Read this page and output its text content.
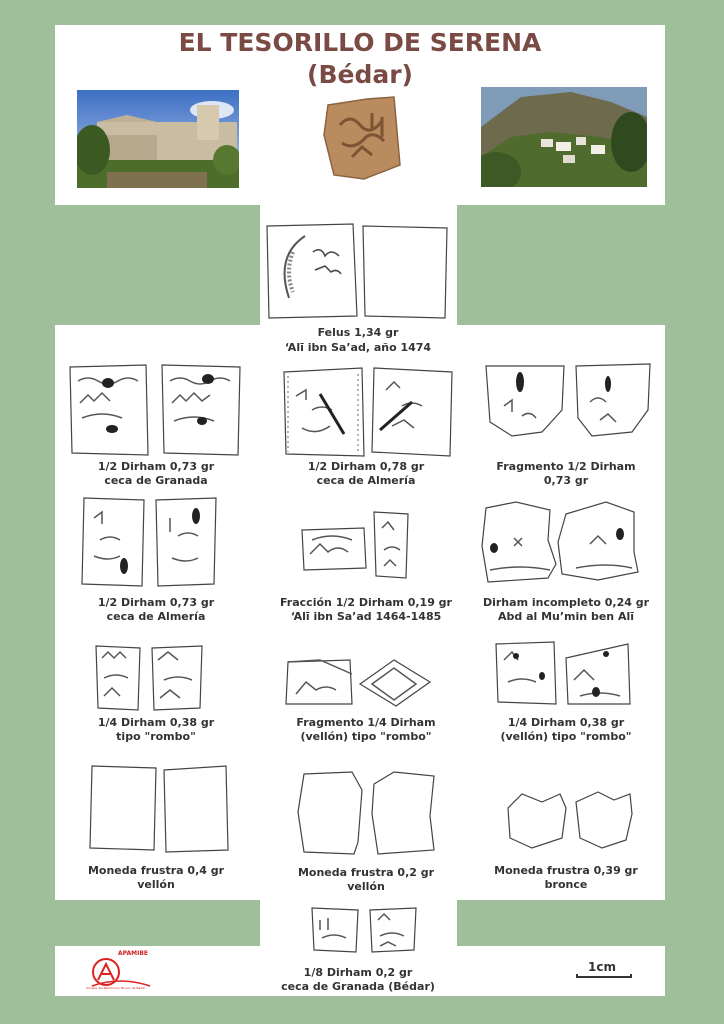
EL TESORILLO DE SERENA
(Bédar)
Felus 1,34 gr
‘Alī ibn Sa’ad, año 1474
1/2 Dirham 0,73 gr
ceca de Granada
1/2 Dirham 0,78 gr
ceca de Almería
Fragmento 1/2 Dirham
0,73 gr
1/2 Dirham 0,73 gr
ceca de Almería
Fracción 1/2 Dirham 0,19 gr
‘Alī ibn Sa’ad 1464-1485
Dirham incompleto 0,24 gr
Abd al Mu’min ben Alī
1/4 Dirham 0,38 gr
tipo "rombo"
Fragmento 1/4 Dirham
(vellón) tipo "rombo"
1/4 Dirham 0,38 gr
(vellón) tipo "rombo"
Moneda frustra 0,4 gr
vellón
Moneda frustra 0,2 gr
vellón
Moneda frustra 0,39 gr
bronce
1/8 Dirham 0,2 gr
ceca de Granada (Bédar)
APAMIBE
Amigos del Patrimonio Minero de Bédar
1cm
